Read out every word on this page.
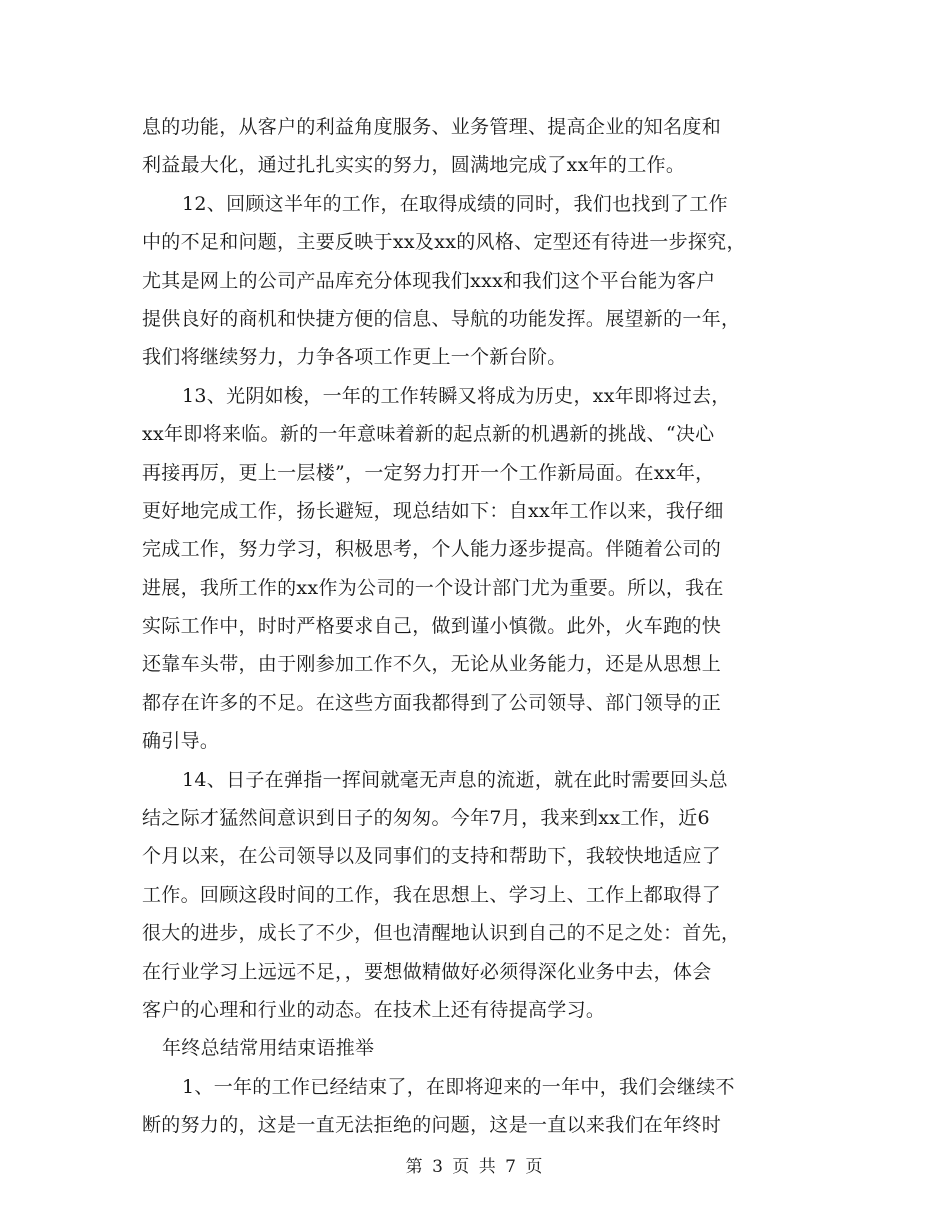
息的功能，从客户的利益角度服务、业务管理、提高企业的知名度和
利益最大化，通过扎扎实实的努力，圆满地完成了xx年的工作。
12、回顾这半年的工作，在取得成绩的同时，我们也找到了工作
中的不足和问题，主要反映于xx及xx的风格、定型还有待进一步探究，
尤其是网上的公司产品库充分体现我们xxx和我们这个平台能为客户
提供良好的商机和快捷方便的信息、导航的功能发挥。展望新的一年，
我们将继续努力，力争各项工作更上一个新台阶。
13、光阴如梭，一年的工作转瞬又将成为历史，xx年即将过去，
xx年即将来临。新的一年意味着新的起点新的机遇新的挑战、“决心
再接再厉，更上一层楼”，一定努力打开一个工作新局面。在xx年，
更好地完成工作，扬长避短，现总结如下：自xx年工作以来，我仔细
完成工作，努力学习，积极思考，个人能力逐步提高。伴随着公司的
进展，我所工作的xx作为公司的一个设计部门尤为重要。所以，我在
实际工作中，时时严格要求自己，做到谨小慎微。此外，火车跑的快
还靠车头带，由于刚参加工作不久，无论从业务能力，还是从思想上
都存在许多的不足。在这些方面我都得到了公司领导、部门领导的正
确引导。
14、日子在弹指一挥间就毫无声息的流逝，就在此时需要回头总
结之际才猛然间意识到日子的匆匆。今年7月，我来到xx工作，近6
个月以来，在公司领导以及同事们的支持和帮助下，我较快地适应了
工作。回顾这段时间的工作，我在思想上、学习上、工作上都取得了
很大的进步，成长了不少，但也清醒地认识到自己的不足之处：首先，
在行业学习上远远不足，，要想做精做好必须得深化业务中去，体会
客户的心理和行业的动态。在技术上还有待提高学习。
年终总结常用结束语推举
1、一年的工作已经结束了，在即将迎来的一年中，我们会继续不
断的努力的，这是一直无法拒绝的问题，这是一直以来我们在年终时
第 3 页 共 7 页
